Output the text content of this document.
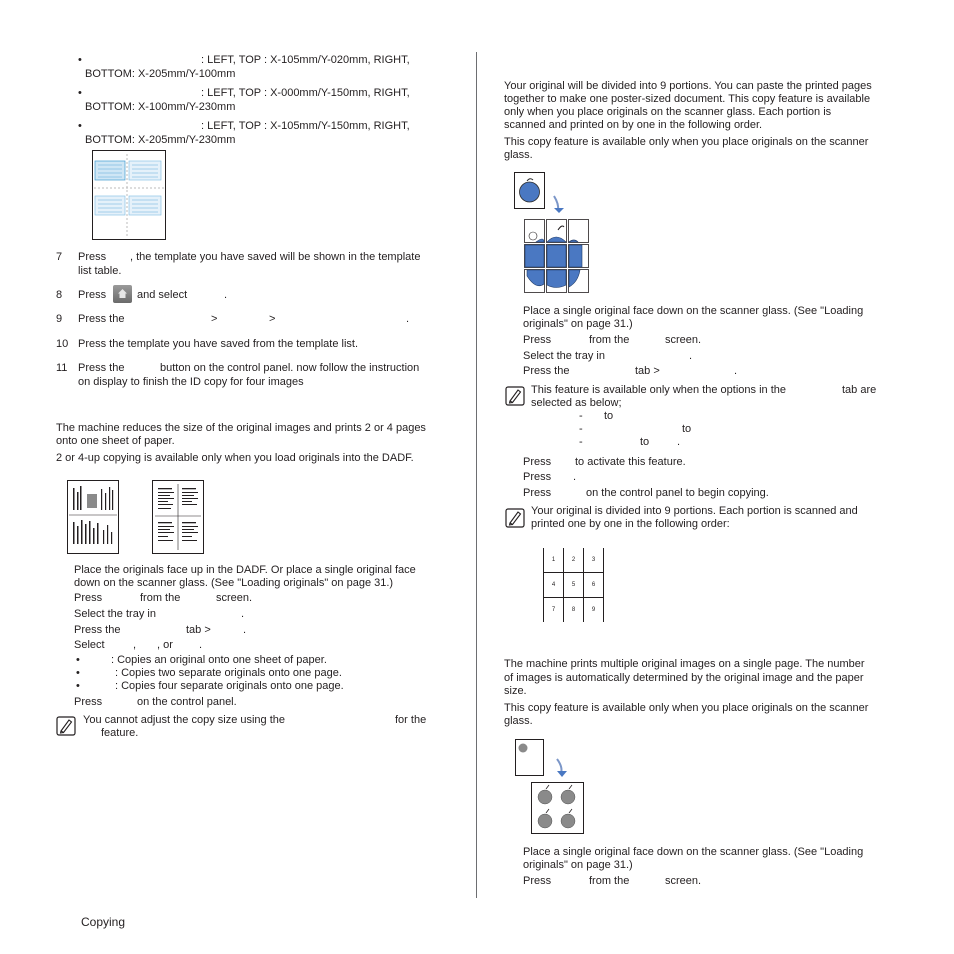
•	: LEFT, TOP : X-105mm/Y-020mm, RIGHT,
BOTTOM: X-205mm/Y-100mm
•	: LEFT, TOP : X-000mm/Y-150mm, RIGHT,
BOTTOM: X-100mm/Y-230mm
•	: LEFT, TOP : X-105mm/Y-150mm, RIGHT,
BOTTOM: X-205mm/Y-230mm
7 Press , the template you have saved will be shown in the template
list table.
8 Press	and select	.
9 Press the	>	>	.
10 Press the template you have saved from the template list.
11 Press the	button on the control panel. now follow the instruction
on display to finish the ID copy for four images
The machine reduces the size of the original images and prints 2 or 4 pages
onto one sheet of paper.
2 or 4-up copying is available only when you load originals into the DADF.
Place the originals face up in the DADF. Or place a single original face
down on the scanner glass. (See "Loading originals" on page 31.)
Press	from the	screen.
Select the tray in	.
Press the	tab >	.
Select	, , or .
•	: Copies an original onto one sheet of paper.
•	: Copies two separate originals onto one page.
•	: Copies four separate originals onto one page.
Press	on the control panel.
You cannot adjust the copy size using the	for the
feature.
Copying
Your original will be divided into 9 portions. You can paste the printed pages
together to make one poster-sized document. This copy feature is available
only when you place originals on the scanner glass. Each portion is
scanned and printed on by one in the following order.
This copy feature is available only when you place originals on the scanner
glass.
Place a single original face down on the scanner glass. (See "Loading
originals" on page 31.)
Press	from the	screen.
Select the tray in	.
Press the	tab >	.
This feature is available only when the options in the	tab are
selected as below;
- to
-	to
-	to	.
Press to activate this feature.
Press .
Press	on the control panel to begin copying.
Your original is divided into 9 portions. Each portion is scanned and
printed one by one in the following order:
1	2	3
4	5	6
7	8	9
The machine prints multiple original images on a single page. The number
of images is automatically determined by the original image and the paper
size.
This copy feature is available only when you place originals on the scanner
glass.
Place a single original face down on the scanner glass. (See "Loading
originals" on page 31.)
Press	from the	screen.
